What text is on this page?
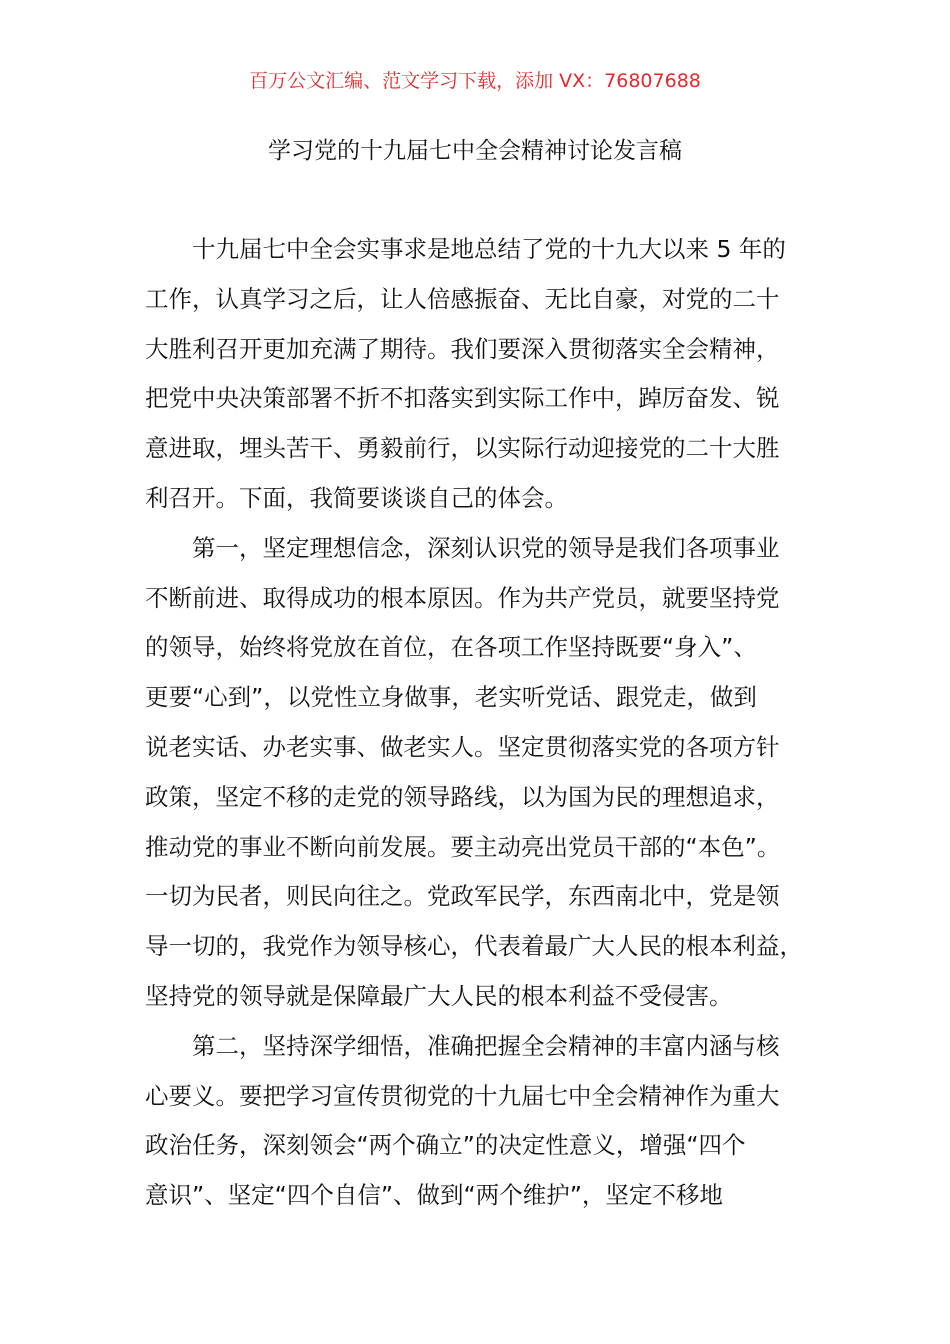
百万公文汇编、范文学习下载，添加 VX：76807688
学习党的十九届七中全会精神讨论发言稿
十九届七中全会实事求是地总结了党的十九大以来 5 年的
工作，认真学习之后，让人倍感振奋、无比自豪，对党的二十
大胜利召开更加充满了期待。我们要深入贯彻落实全会精神，
把党中央决策部署不折不扣落实到实际工作中，踔厉奋发、锐
意进取，埋头苦干、勇毅前行，以实际行动迎接党的二十大胜
利召开。下面，我简要谈谈自己的体会。
第一，坚定理想信念，深刻认识党的领导是我们各项事业
不断前进、取得成功的根本原因。作为共产党员，就要坚持党
的领导，始终将党放在首位，在各项工作坚持既要“身入”、
更要“心到”，以党性立身做事，老实听党话、跟党走，做到
说老实话、办老实事、做老实人。坚定贯彻落实党的各项方针
政策，坚定不移的走党的领导路线，以为国为民的理想追求，
推动党的事业不断向前发展。要主动亮出党员干部的“本色”。
一切为民者，则民向往之。党政军民学，东西南北中，党是领
导一切的，我党作为领导核心，代表着最广大人民的根本利益，
坚持党的领导就是保障最广大人民的根本利益不受侵害。
第二，坚持深学细悟，准确把握全会精神的丰富内涵与核
心要义。要把学习宣传贯彻党的十九届七中全会精神作为重大
政治任务，深刻领会“两个确立”的决定性意义，增强“四个
意识”、坚定“四个自信”、做到“两个维护”，坚定不移地
